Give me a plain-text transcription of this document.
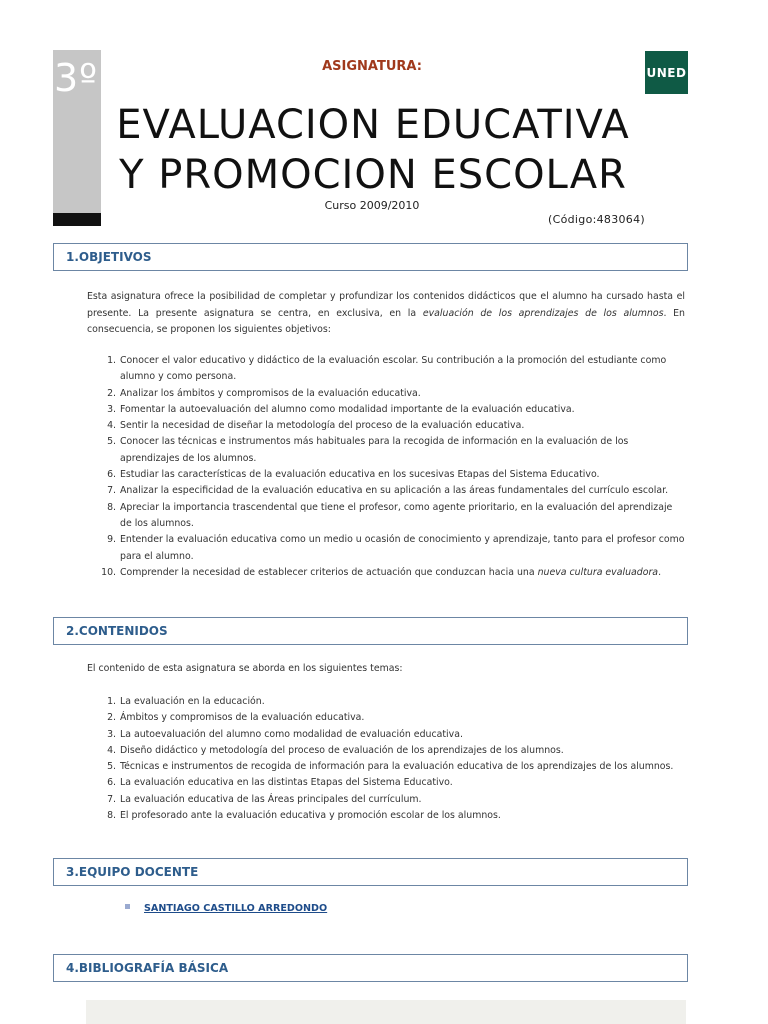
3º	ASIGNATURA:	UNED
EVALUACION EDUCATIVA
Y PROMOCION ESCOLAR
Curso 2009/2010
(Código:483064)
1.OBJETIVOS
Esta asignatura ofrece la posibilidad de completar y profundizar los contenidos didácticos que el alumno ha cursado hasta el presente. La presente asignatura se centra, en exclusiva, en la evaluación de los aprendizajes de los alumnos. En consecuencia, se proponen los siguientes objetivos:
1. Conocer el valor educativo y didáctico de la evaluación escolar. Su contribución a la promoción del estudiante como alumno y como persona.
2. Analizar los ámbitos y compromisos de la evaluación educativa.
3. Fomentar la autoevaluación del alumno como modalidad importante de la evaluación educativa.
4. Sentir la necesidad de diseñar la metodología del proceso de la evaluación educativa.
5. Conocer las técnicas e instrumentos más habituales para la recogida de información en la evaluación de los aprendizajes de los alumnos.
6. Estudiar las características de la evaluación educativa en los sucesivas Etapas del Sistema Educativo.
7. Analizar la especificidad de la evaluación educativa en su aplicación a las áreas fundamentales del currículo escolar.
8. Apreciar la importancia trascendental que tiene el profesor, como agente prioritario, en la evaluación del aprendizaje de los alumnos.
9. Entender la evaluación educativa como un medio u ocasión de conocimiento y aprendizaje, tanto para el profesor como para el alumno.
10. Comprender la necesidad de establecer criterios de actuación que conduzcan hacia una nueva cultura evaluadora.
2.CONTENIDOS
El contenido de esta asignatura se aborda en los siguientes temas:
1. La evaluación en la educación.
2. Ámbitos y compromisos de la evaluación educativa.
3. La autoevaluación del alumno como modalidad de evaluación educativa.
4. Diseño didáctico y metodología del proceso de evaluación de los aprendizajes de los alumnos.
5. Técnicas e instrumentos de recogida de información para la evaluación educativa de los aprendizajes de los alumnos.
6. La evaluación educativa en las distintas Etapas del Sistema Educativo.
7. La evaluación educativa de las Áreas principales del currículum.
8. El profesorado ante la evaluación educativa y promoción escolar de los alumnos.
3.EQUIPO DOCENTE
SANTIAGO CASTILLO ARREDONDO
4.BIBLIOGRAFÍA BÁSICA
